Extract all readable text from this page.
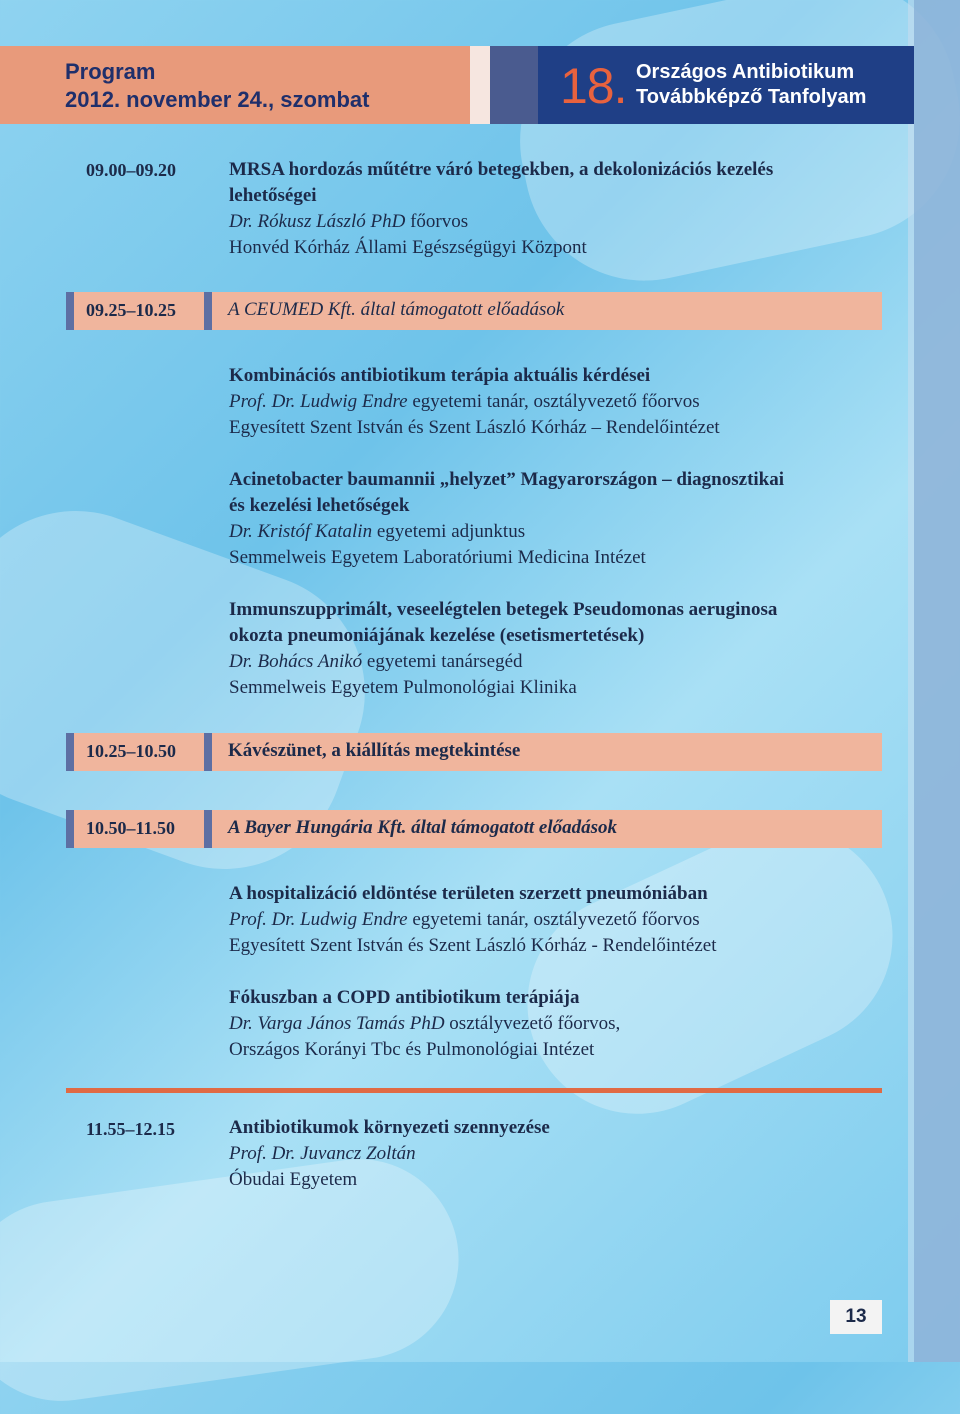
Program
2012. november 24., szombat	18. Országos Antibiotikum
Továbbképző Tanfolyam
09.00–09.20	MRSA hordozás műtétre váró betegekben, a dekolonizációs kezelés
lehetőségei
Dr. Rókusz László PhD főorvos
Honvéd Kórház Állami Egészségügyi Központ
09.25–10.25	A CEUMED Kft. által támogatott előadások
Kombinációs antibiotikum terápia aktuális kérdései
Prof. Dr. Ludwig Endre egyetemi tanár, osztályvezető főorvos
Egyesített Szent István és Szent László Kórház – Rendelőintézet
Acinetobacter baumannii „helyzet” Magyarországon – diagnosztikai
és kezelési lehetőségek
Dr. Kristóf Katalin egyetemi adjunktus
Semmelweis Egyetem Laboratóriumi Medicina Intézet
Immunszupprimált, veseelégtelen betegek Pseudomonas aeruginosa
okozta pneumoniájának kezelése (esetismertetések)
Dr. Bohács Anikó egyetemi tanársegéd
Semmelweis Egyetem Pulmonológiai Klinika
10.25–10.50	Kávészünet, a kiállítás megtekintése
10.50–11.50	A Bayer Hungária Kft. által támogatott előadások
A hospitalizáció eldöntése területen szerzett pneumóniában
Prof. Dr. Ludwig Endre egyetemi tanár, osztályvezető főorvos
Egyesített Szent István és Szent László Kórház - Rendelőintézet
Fókuszban a COPD antibiotikum terápiája
Dr. Varga János Tamás PhD osztályvezető főorvos,
Országos Korányi Tbc és Pulmonológiai Intézet
11.55–12.15	Antibiotikumok környezeti szennyezése
Prof. Dr. Juvancz Zoltán
Óbudai Egyetem
13
